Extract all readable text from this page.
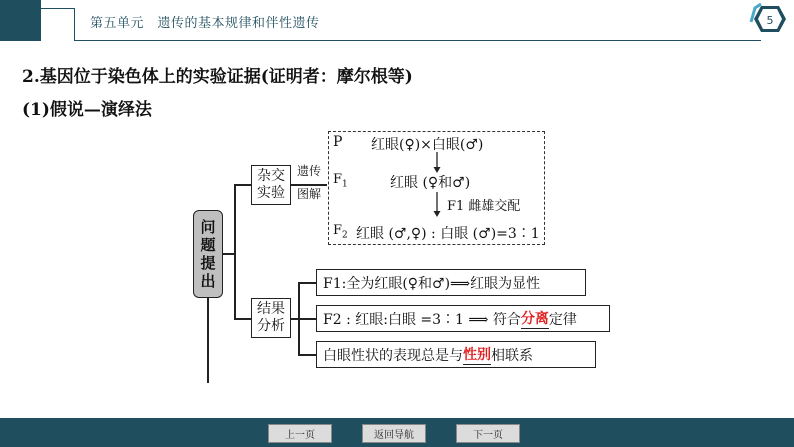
第五单元　遗传的基本规律和伴性遗传	5
2.基因位于染色体上的实验证据(证明者：摩尔根等)
(1)假说—演绎法
问
题
提
出
杂交
实验
遗传
图解
P 红眼(♀)×白眼(♂)
$F_1$	红眼 (♀和♂)
F1 雌雄交配
$F_2$ 红眼 (♂,♀) : 白眼 (♂)=3∶1
结果
分析
F1:全为红眼(♀和♂)⟹红眼为显性
F2 : 红眼:白眼 =3∶1 ⟹ 符合 分离 定律
白眼性状的表现总是与 性别 相联系
上一页	返回导航	下一页
